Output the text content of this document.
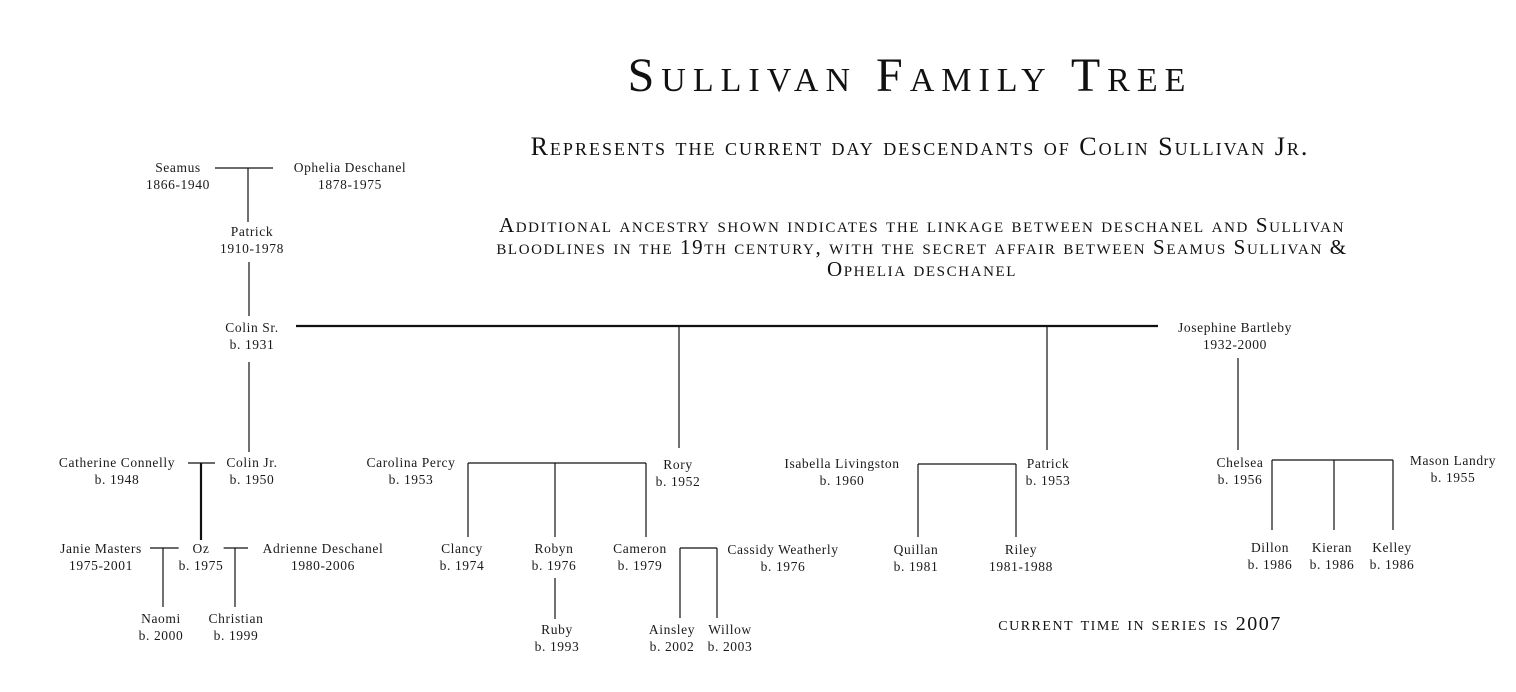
Sullivan Family Tree

Represents the current day descendants of Colin Sullivan Jr.

Additional ancestry shown indicates the linkage between deschanel and Sullivan bloodlines in the 19th century, with the secret affair between Seamus Sullivan & Ophelia deschanel

current time in series is 2007

Seamus
1866-1940
Ophelia Deschanel
1878-1975
Patrick
1910-1978
Colin Sr.
b. 1931
Josephine Bartleby
1932-2000
Catherine Connelly
b. 1948
Colin Jr.
b. 1950
Carolina Percy
b. 1953
Rory
b. 1952
Isabella Livingston
b. 1960
Patrick
b. 1953
Chelsea
b. 1956
Mason Landry
b. 1955
Janie Masters
1975-2001
Oz
b. 1975
Adrienne Deschanel
1980-2006
Naomi
b. 2000
Christian
b. 1999
Clancy
b. 1974
Robyn
b. 1976
Cameron
b. 1979
Cassidy Weatherly
b. 1976
Ruby
b. 1993
Ainsley
b. 2002
Willow
b. 2003
Quillan
b. 1981
Riley
1981-1988
Dillon
b. 1986
Kieran
b. 1986
Kelley
b. 1986
